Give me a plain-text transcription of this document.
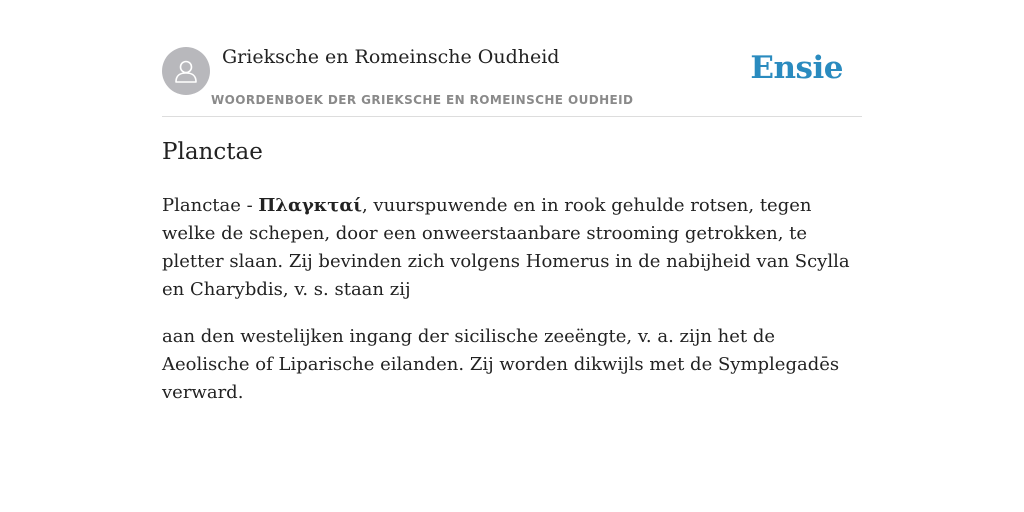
Grieksche en Romeinsche Oudheid
WOORDENBOEK DER GRIEKSCHE EN ROMEINSCHE OUDHEID
Ensie
Planctae

Planctae - Πλαγκταί, vuurspuwende en in rook gehulde rotsen, tegen welke de schepen, door een onweerstaanbare strooming getrokken, te pletter slaan. Zij bevinden zich volgens Homerus in de nabijheid van Scylla en Charybdis, v. s. staan zij

aan den westelijken ingang der sicilische zeeëngte, v. a. zijn het de Aeolische of Liparische eilanden. Zij worden dikwijls met de Symplegadēs verward.
